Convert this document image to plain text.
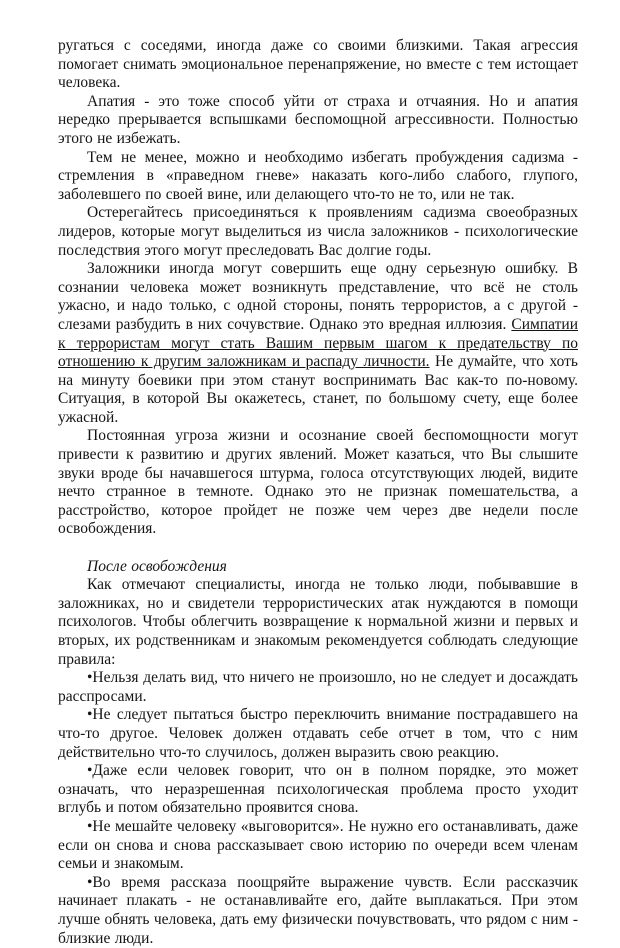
ругаться с соседями, иногда даже со своими близкими. Такая агрессия помогает снимать эмоциональное перенапряжение, но вместе с тем истощает человека.

Апатия - это тоже способ уйти от страха и отчаяния. Но и апатия нередко прерывается вспышками беспомощной агрессивности. Полностью этого не избежать.

Тем не менее, можно и необходимо избегать пробуждения садизма - стремления в «праведном гневе» наказать кого-либо слабого, глупого, заболевшего по своей вине, или делающего что-то не то, или не так.

Остерегайтесь присоединяться к проявлениям садизма своеобразных лидеров, которые могут выделиться из числа заложников - психологические последствия этого могут преследовать Вас долгие годы.

Заложники иногда могут совершить еще одну серьезную ошибку. В сознании человека может возникнуть представление, что всё не столь ужасно, и надо только, с одной стороны, понять террористов, а с другой - слезами разбудить в них сочувствие. Однако это вредная иллюзия. Симпатии к террористам могут стать Вашим первым шагом к предательству по отношению к другим заложникам и распаду личности. Не думайте, что хоть на минуту боевики при этом станут воспринимать Вас как-то по-новому. Ситуация, в которой Вы окажетесь, станет, по большому счету, еще более ужасной.

Постоянная угроза жизни и осознание своей беспомощности могут привести к развитию и других явлений. Может казаться, что Вы слышите звуки вроде бы начавшегося штурма, голоса отсутствующих людей, видите нечто странное в темноте. Однако это не признак помешательства, а расстройство, которое пройдет не позже чем через две недели после освобождения.

После освобождения

Как отмечают специалисты, иногда не только люди, побывавшие в заложниках, но и свидетели террористических атак нуждаются в помощи психологов. Чтобы облегчить возвращение к нормальной жизни и первых и вторых, их родственникам и знакомым рекомендуется соблюдать следующие правила:

•Нельзя делать вид, что ничего не произошло, но не следует и досаждать расспросами.

•Не следует пытаться быстро переключить внимание пострадавшего на что-то другое. Человек должен отдавать себе отчет в том, что с ним действительно что-то случилось, должен выразить свою реакцию.

•Даже если человек говорит, что он в полном порядке, это может означать, что неразрешенная психологическая проблема просто уходит вглубь и потом обязательно проявится снова.

•Не мешайте человеку «выговорится». Не нужно его останавливать, даже если он снова и снова рассказывает свою историю по очереди всем членам семьи и знакомым.

•Во время рассказа поощряйте выражение чувств. Если рассказчик начинает плакать - не останавливайте его, дайте выплакаться. При этом лучше обнять человека, дать ему физически почувствовать, что рядом с ним - близкие люди.
